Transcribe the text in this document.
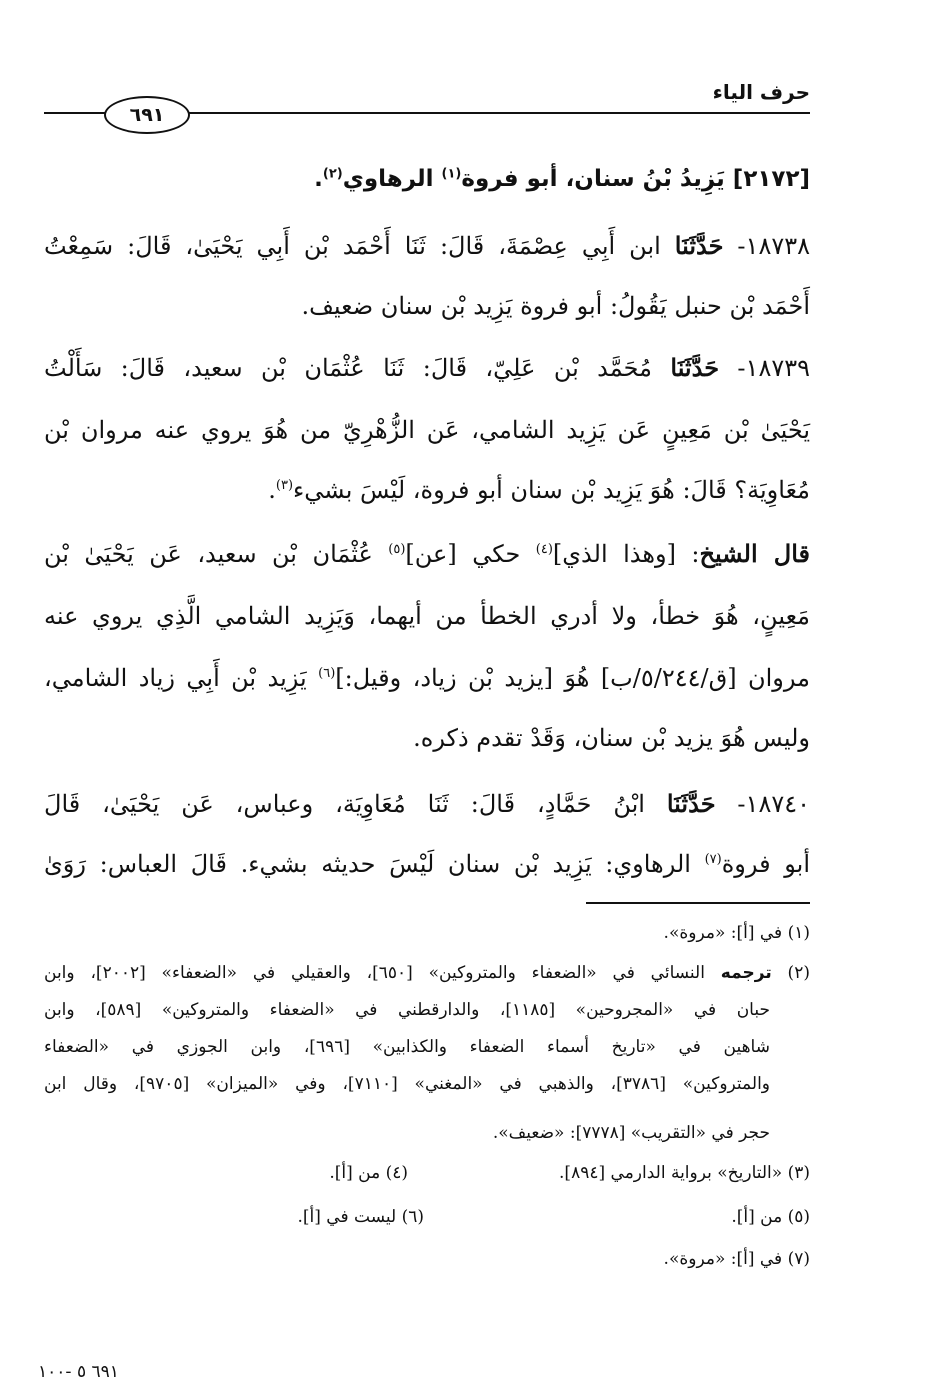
حرف الياء
٦٩١
[٢١٧٢] يَزِيدُ بْنُ سنان، أبو فروة$^{(١)}$ الرهاوي$^{(٢)}$.
١٨٧٣٨- حَدَّثَنَا ابن أَبِي عِصْمَةَ، قَالَ: ثَنَا أَحْمَد بْن أَبِي يَحْيَىٰ، قَالَ: سَمِعْتُ
أَحْمَد بْن حنبل يَقُولُ: أبو فروة يَزِيد بْن سنان ضعيف.
١٨٧٣٩- حَدَّثَنَا مُحَمَّد بْن عَلِيّ، قَالَ: ثَنَا عُثْمَان بْن سعيد، قَالَ: سَأَلْتُ
يَحْيَىٰ بْن مَعِينٍ عَن يَزِيد الشامي، عَن الزُّهْرِيّ من هُوَ يروي عنه مروان بْن
مُعَاوِيَة؟ قَالَ: هُوَ يَزِيد بْن سنان أبو فروة، لَيْسَ بشيء$^{(٣)}$.
قال الشيخ: [وهذا الذي]$^{(٤)}$ حكي [عن]$^{(٥)}$ عُثْمَان بْن سعيد، عَن يَحْيَىٰ بْن
مَعِينٍ، هُوَ خطأ، ولا أدري الخطأ من أيهما، وَيَزِيد الشامي الَّذِي يروي عنه
مروان [ق/٥/٢٤٤/ب] هُوَ [يزيد بْن زياد، وقيل:]$^{(٦)}$ يَزِيد بْن أَبِي زياد الشامي،
وليس هُوَ يزيد بْن سنان، وَقَدْ تقدم ذكره.
١٨٧٤٠- حَدَّثَنَا ابْنُ حَمَّادٍ، قَالَ: ثَنَا مُعَاوِيَة، وعباس، عَن يَحْيَىٰ، قَالَ
أبو فروة$^{(٧)}$ الرهاوي: يَزِيد بْن سنان لَيْسَ حديثه بشيء. قَالَ العباس: رَوَىٰ
(١) في [أ]: «مروة».
(٢) ترجمه النسائي في «الضعفاء والمتروكين» [٦٥٠]، والعقيلي في «الضعفاء» [٢٠٠٢]، وابن
حبان في «المجروحين» [١١٨٥]، والدارقطني في «الضعفاء والمتروكين» [٥٨٩]، وابن
شاهين في «تاريخ أسماء الضعفاء والكذابين» [٦٩٦]، وابن الجوزي في «الضعفاء
والمتروكين» [٣٧٨٦]، والذهبي في «المغني» [٧١١٠]، وفي «الميزان» [٩٧٠٥]، وقال ابن
حجر في «التقريب» [٧٧٧٨]: «ضعيف».
(٣) «التاريخ» برواية الدارمي [٨٩٤].
(٤) من [أ].
(٥) من [أ].
(٦) ليست في [أ].
(٧) في [أ]: «مروة».
٦٩١ ٥ -١٠٠
